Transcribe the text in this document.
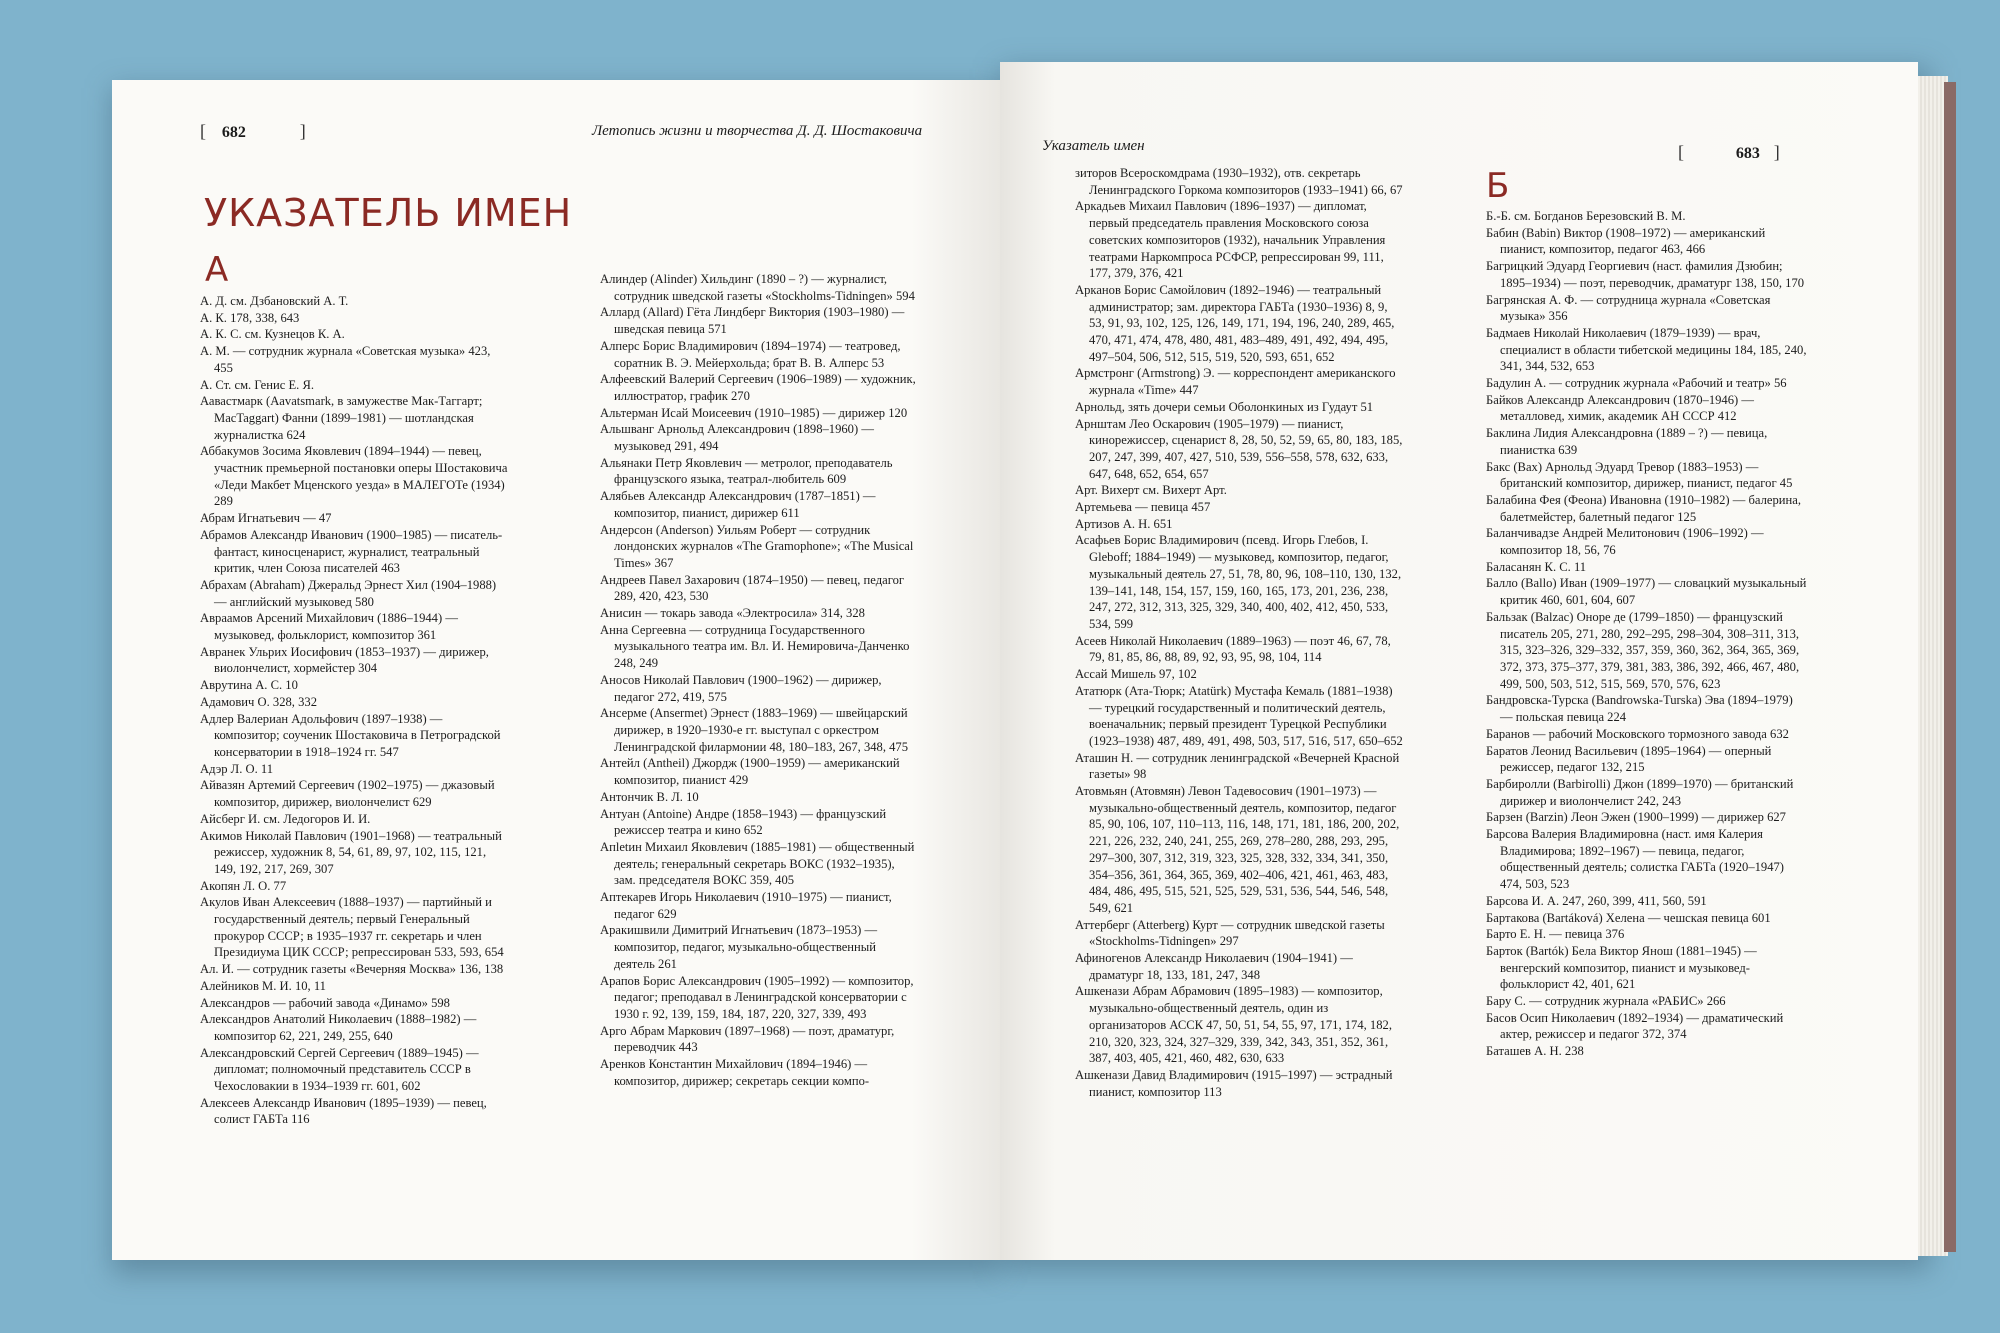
[ 682	]	Летопись жизни и творчества Д. Д. Шостаковича
УКАЗАТЕЛЬ ИМЕН
А

А. Д. см. Дзбановский А. Т.

А. К. 178, 338, 643

А. К. С. см. Кузнецов К. А.

А. М. — сотрудник журнала «Советская музыка» 423, 455

А. Ст. см. Генис Е. Я.

Аавастмарк (Aavatsmark, в замужестве Мак-Таггарт; MacTaggart) Фанни (1899–1981) — шотландская журналистка 624

Аббакумов Зосима Яковлевич (1894–1944) — певец, участник премьерной постановки оперы Шостаковича «Леди Макбет Мценского уезда» в МАЛЕГОТе (1934) 289

Абрам Игнатьевич — 47

Абрамов Александр Иванович (1900–1985) — писатель-фантаст, киносценарист, журналист, театральный критик, член Союза писателей 463

Абрахам (Abraham) Джеральд Эрнест Хил (1904–1988) — английский музыковед 580

Авраамов Арсений Михайлович (1886–1944) — музыковед, фольклорист, композитор 361

Авранек Ульрих Иосифович (1853–1937) — дирижер, виолончелист, хормейстер 304

Аврутина А. С. 10

Адамович О. 328, 332

Адлер Валериан Адольфович (1897–1938) — композитор; соученик Шостаковича в Петроградской консерватории в 1918–1924 гг. 547

Адэр Л. О. 11

Айвазян Артемий Сергеевич (1902–1975) — джазовый композитор, дирижер, виолончелист 629

Айсберг И. см. Ледогоров И. И.

Акимов Николай Павлович (1901–1968) — театральный режиссер, художник 8, 54, 61, 89, 97, 102, 115, 121, 149, 192, 217, 269, 307

Акопян Л. О. 77

Акулов Иван Алексеевич (1888–1937) — партийный и государственный деятель; первый Генеральный прокурор СССР; в 1935–1937 гг. секретарь и член Президиума ЦИК СССР; репрессирован 533, 593, 654

Ал. И. — сотрудник газеты «Вечерняя Москва» 136, 138

Алейников М. И. 10, 11

Александров — рабочий завода «Динамо» 598

Александров Анатолий Николаевич (1888–1982) — композитор 62, 221, 249, 255, 640

Александровский Сергей Сергеевич (1889–1945) — дипломат; полномочный представитель СССР в Чехословакии в 1934–1939 гг. 601, 602

Алексеев Александр Иванович (1895–1939) — певец, солист ГАБТа 116

Алиндер (Alinder) Хильдинг (1890 – ?) — журналист, сотрудник шведской газеты «Stockholms-Tidningen» 594

Аллард (Allard) Гёта Линдберг Виктория (1903–1980) — шведская певица 571

Алперс Борис Владимирович (1894–1974) — театровед, соратник В. Э. Мейерхольда; брат В. В. Алперс 53

Алфеевский Валерий Сергеевич (1906–1989) — художник, иллюстратор, график 270

Альтерман Исай Моисеевич (1910–1985) — дирижер 120

Альшванг Арнольд Александрович (1898–1960) — музыковед 291, 494

Альянаки Петр Яковлевич — метролог, преподаватель французского языка, театрал-любитель 609

Алябьев Александр Александрович (1787–1851) — композитор, пианист, дирижер 611

Андерсон (Anderson) Уильям Роберт — сотрудник лондонских журналов «The Gramophone»; «The Musical Times» 367

Андреев Павел Захарович (1874–1950) — певец, педагог 289, 420, 423, 530

Анисин — токарь завода «Электросила» 314, 328

Анна Сергеевна — сотрудница Государственного музыкального театра им. Вл. И. Немировича-Данченко 248, 249

Аносов Николай Павлович (1900–1962) — дирижер, педагог 272, 419, 575

Ансерме (Ansermet) Эрнест (1883–1969) — швейцарский дирижер, в 1920–1930-е гг. выступал с оркестром Ленинградской филармонии 48, 180–183, 267, 348, 475

Антейл (Antheil) Джордж (1900–1959) — американский композитор, пианист 429

Антончик В. Л. 10

Антуан (Antoine) Андре (1858–1943) — французский режиссер театра и кино 652

Апletин Михаил Яковлевич (1885–1981) — общественный деятель; генеральный секретарь ВОКС (1932–1935), зам. председателя ВОКС 359, 405

Аптекарев Игорь Николаевич (1910–1975) — пианист, педагог 629

Аракишвили Димитрий Игнатьевич (1873–1953) — композитор, педагог, музыкально-общественный деятель 261

Арапов Борис Александрович (1905–1992) — композитор, педагог; преподавал в Ленинградской консерватории с 1930 г. 92, 139, 159, 184, 187, 220, 327, 339, 493

Арго Абрам Маркович (1897–1968) — поэт, драматург, переводчик 443

Аренков Константин Михайлович (1894–1946) — композитор, дирижер; секретарь секции компо-

Указатель имен	[	683 ]

зиторов Всероскомдрама (1930–1932), отв. секретарь Ленинградского Горкома композиторов (1933–1941) 66, 67

Аркадьев Михаил Павлович (1896–1937) — дипломат, первый председатель правления Московского союза советских композиторов (1932), начальник Управления театрами Наркомпроса РСФСР, репрессирован 99, 111, 177, 379, 376, 421

Арканов Борис Самойлович (1892–1946) — театральный администратор; зам. директора ГАБТа (1930–1936) 8, 9, 53, 91, 93, 102, 125, 126, 149, 171, 194, 196, 240, 289, 465, 470, 471, 474, 478, 480, 481, 483–489, 491, 492, 494, 495, 497–504, 506, 512, 515, 519, 520, 593, 651, 652

Армстронг (Armstrong) Э. — корреспондент американского журнала «Time» 447

Арнольд, зять дочери семьи Оболонкиных из Гудаут 51

Арнштам Лео Оскарович (1905–1979) — пианист, кинорежиссер, сценарист 8, 28, 50, 52, 59, 65, 80, 183, 185, 207, 247, 399, 407, 427, 510, 539, 556–558, 578, 632, 633, 647, 648, 652, 654, 657

Арт. Вихерт см. Вихерт Арт.

Артемьева — певица 457

Артизов А. Н. 651

Асафьев Борис Владимирович (псевд. Игорь Глебов, I. Gleboff; 1884–1949) — музыковед, композитор, педагог, музыкальный деятель 27, 51, 78, 80, 96, 108–110, 130, 132, 139–141, 148, 154, 157, 159, 160, 165, 173, 201, 236, 238, 247, 272, 312, 313, 325, 329, 340, 400, 402, 412, 450, 533, 534, 599

Асеев Николай Николаевич (1889–1963) — поэт 46, 67, 78, 79, 81, 85, 86, 88, 89, 92, 93, 95, 98, 104, 114

Ассай Мишель 97, 102

Ататюрк (Ата-Тюрк; Atatürk) Мустафа Кемаль (1881–1938) — турецкий государственный и политический деятель, военачальник; первый президент Турецкой Республики (1923–1938) 487, 489, 491, 498, 503, 517, 516, 517, 650–652

Аташин Н. — сотрудник ленинградской «Вечерней Красной газеты» 98

Атовмьян (Атовмян) Левон Тадевосович (1901–1973) — музыкально-общественный деятель, композитор, педагог 85, 90, 106, 107, 110–113, 116, 148, 171, 181, 186, 200, 202, 221, 226, 232, 240, 241, 255, 269, 278–280, 288, 293, 295, 297–300, 307, 312, 319, 323, 325, 328, 332, 334, 341, 350, 354–356, 361, 364, 365, 369, 402–406, 421, 461, 463, 483, 484, 486, 495, 515, 521, 525, 529, 531, 536, 544, 546, 548, 549, 621

Аттерберг (Atterberg) Курт — сотрудник шведской газеты «Stockholms-Tidningen» 297

Афиногенов Александр Николаевич (1904–1941) — драматург 18, 133, 181, 247, 348

Ашкенази Абрам Абрамович (1895–1983) — композитор, музыкально-общественный деятель, один из организаторов АССК 47, 50, 51, 54, 55, 97, 171, 174, 182, 210, 320, 323, 324, 327–329, 339, 342, 343, 351, 352, 361, 387, 403, 405, 421, 460, 482, 630, 633

Ашкенази Давид Владимирович (1915–1997) — эстрадный пианист, композитор 113

Б

Б.-Б. см. Богданов Березовский В. М.

Бабин (Babin) Виктор (1908–1972) — американский пианист, композитор, педагог 463, 466

Багрицкий Эдуард Георгиевич (наст. фамилия Дзюбин; 1895–1934) — поэт, переводчик, драматург 138, 150, 170

Багрянская А. Ф. — сотрудница журнала «Советская музыка» 356

Бадмаев Николай Николаевич (1879–1939) — врач, специалист в области тибетской медицины 184, 185, 240, 341, 344, 532, 653

Бадулин А. — сотрудник журнала «Рабочий и театр» 56

Байков Александр Александрович (1870–1946) — металловед, химик, академик АН СССР 412

Баклина Лидия Александровна (1889 – ?) — певица, пианистка 639

Бакс (Bax) Арнольд Эдуард Тревор (1883–1953) — британский композитор, дирижер, пианист, педагог 45

Балабина Фея (Феона) Ивановна (1910–1982) — балерина, балетмейстер, балетный педагог 125

Баланчивадзе Андрей Мелитонович (1906–1992) — композитор 18, 56, 76

Баласанян К. С. 11

Балло (Ballo) Иван (1909–1977) — словацкий музыкальный критик 460, 601, 604, 607

Бальзак (Balzac) Оноре де (1799–1850) — французский писатель 205, 271, 280, 292–295, 298–304, 308–311, 313, 315, 323–326, 329–332, 357, 359, 360, 362, 364, 365, 369, 372, 373, 375–377, 379, 381, 383, 386, 392, 466, 467, 480, 499, 500, 503, 512, 515, 569, 570, 576, 623

Бандровска-Турска (Bandrowska-Turska) Эва (1894–1979) — польская певица 224

Баранов — рабочий Московского тормозного завода 632

Баратов Леонид Васильевич (1895–1964) — оперный режиссер, педагог 132, 215

Барбиролли (Barbirolli) Джон (1899–1970) — британский дирижер и виолончелист 242, 243

Барзен (Barzin) Леон Эжен (1900–1999) — дирижер 627

Барсова Валерия Владимировна (наст. имя Калерия Владимирова; 1892–1967) — певица, педагог, общественный деятель; солистка ГАБТа (1920–1947) 474, 503, 523

Барсова И. А. 247, 260, 399, 411, 560, 591

Бартакова (Bartáková) Хелена — чешская певица 601

Барто Е. Н. — певица 376

Барток (Bartók) Бела Виктор Янош (1881–1945) — венгерский композитор, пианист и музыковед-фольклорист 42, 401, 621

Бару С. — сотрудник журнала «РАБИС» 266

Басов Осип Николаевич (1892–1934) — драматический актер, режиссер и педагог 372, 374

Баташев А. Н. 238
